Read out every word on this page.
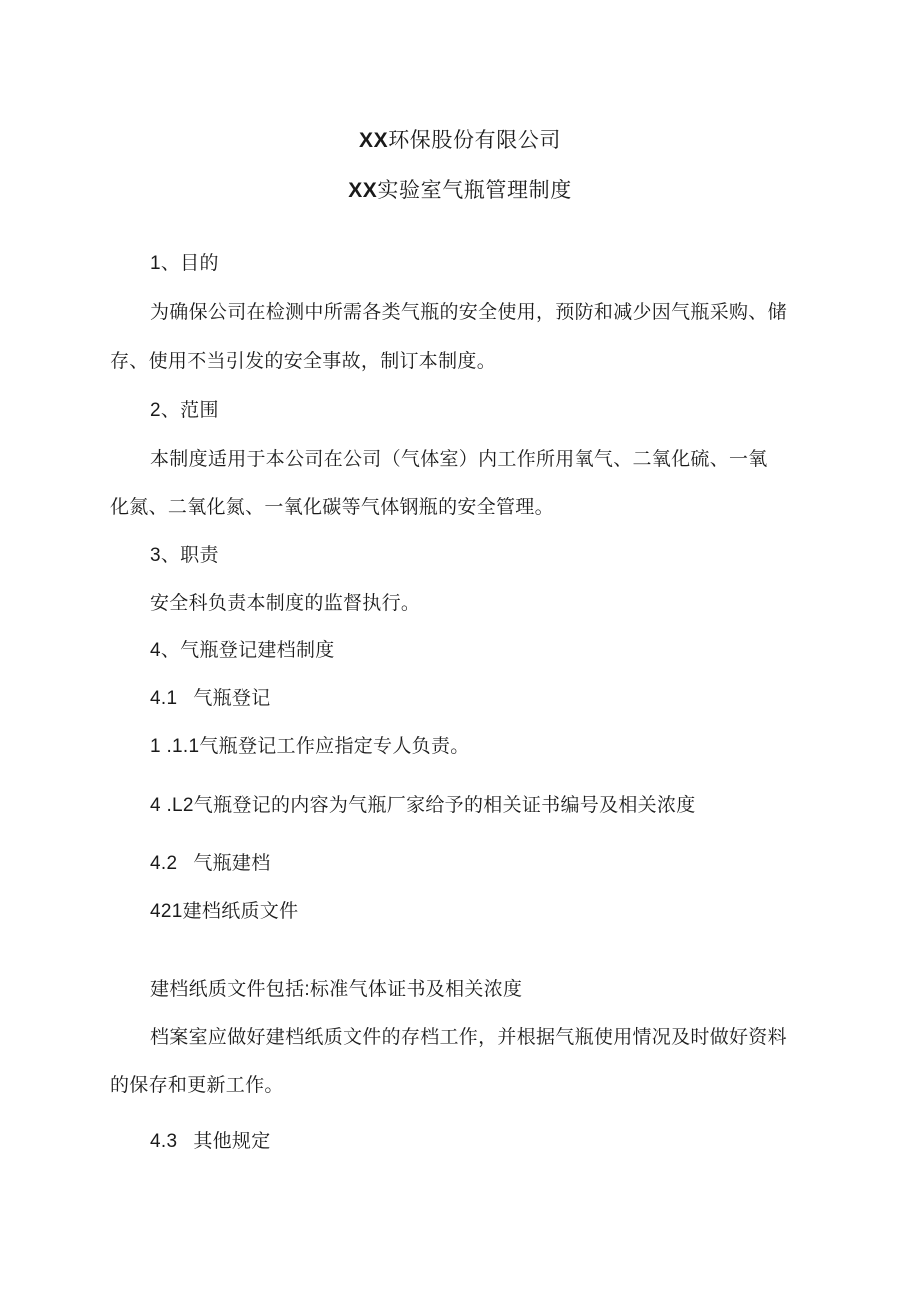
XX环保股份有限公司
XX实验室气瓶管理制度
1、目的
为确保公司在检测中所需各类气瓶的安全使用，预防和减少因气瓶采购、储
存、使用不当引发的安全事故，制订本制度。
2、范围
本制度适用于本公司在公司（气体室）内工作所用氧气、二氧化硫、一氧
化氮、二氧化氮、一氧化碳等气体钢瓶的安全管理。
3、职责
安全科负责本制度的监督执行。
4、气瓶登记建档制度
4.1 气瓶登记
1 .1.1气瓶登记工作应指定专人负责。
4 .L2气瓶登记的内容为气瓶厂家给予的相关证书编号及相关浓度
4.2 气瓶建档
421建档纸质文件
建档纸质文件包括:标准气体证书及相关浓度
档案室应做好建档纸质文件的存档工作，并根据气瓶使用情况及时做好资料
的保存和更新工作。
4.3 其他规定
